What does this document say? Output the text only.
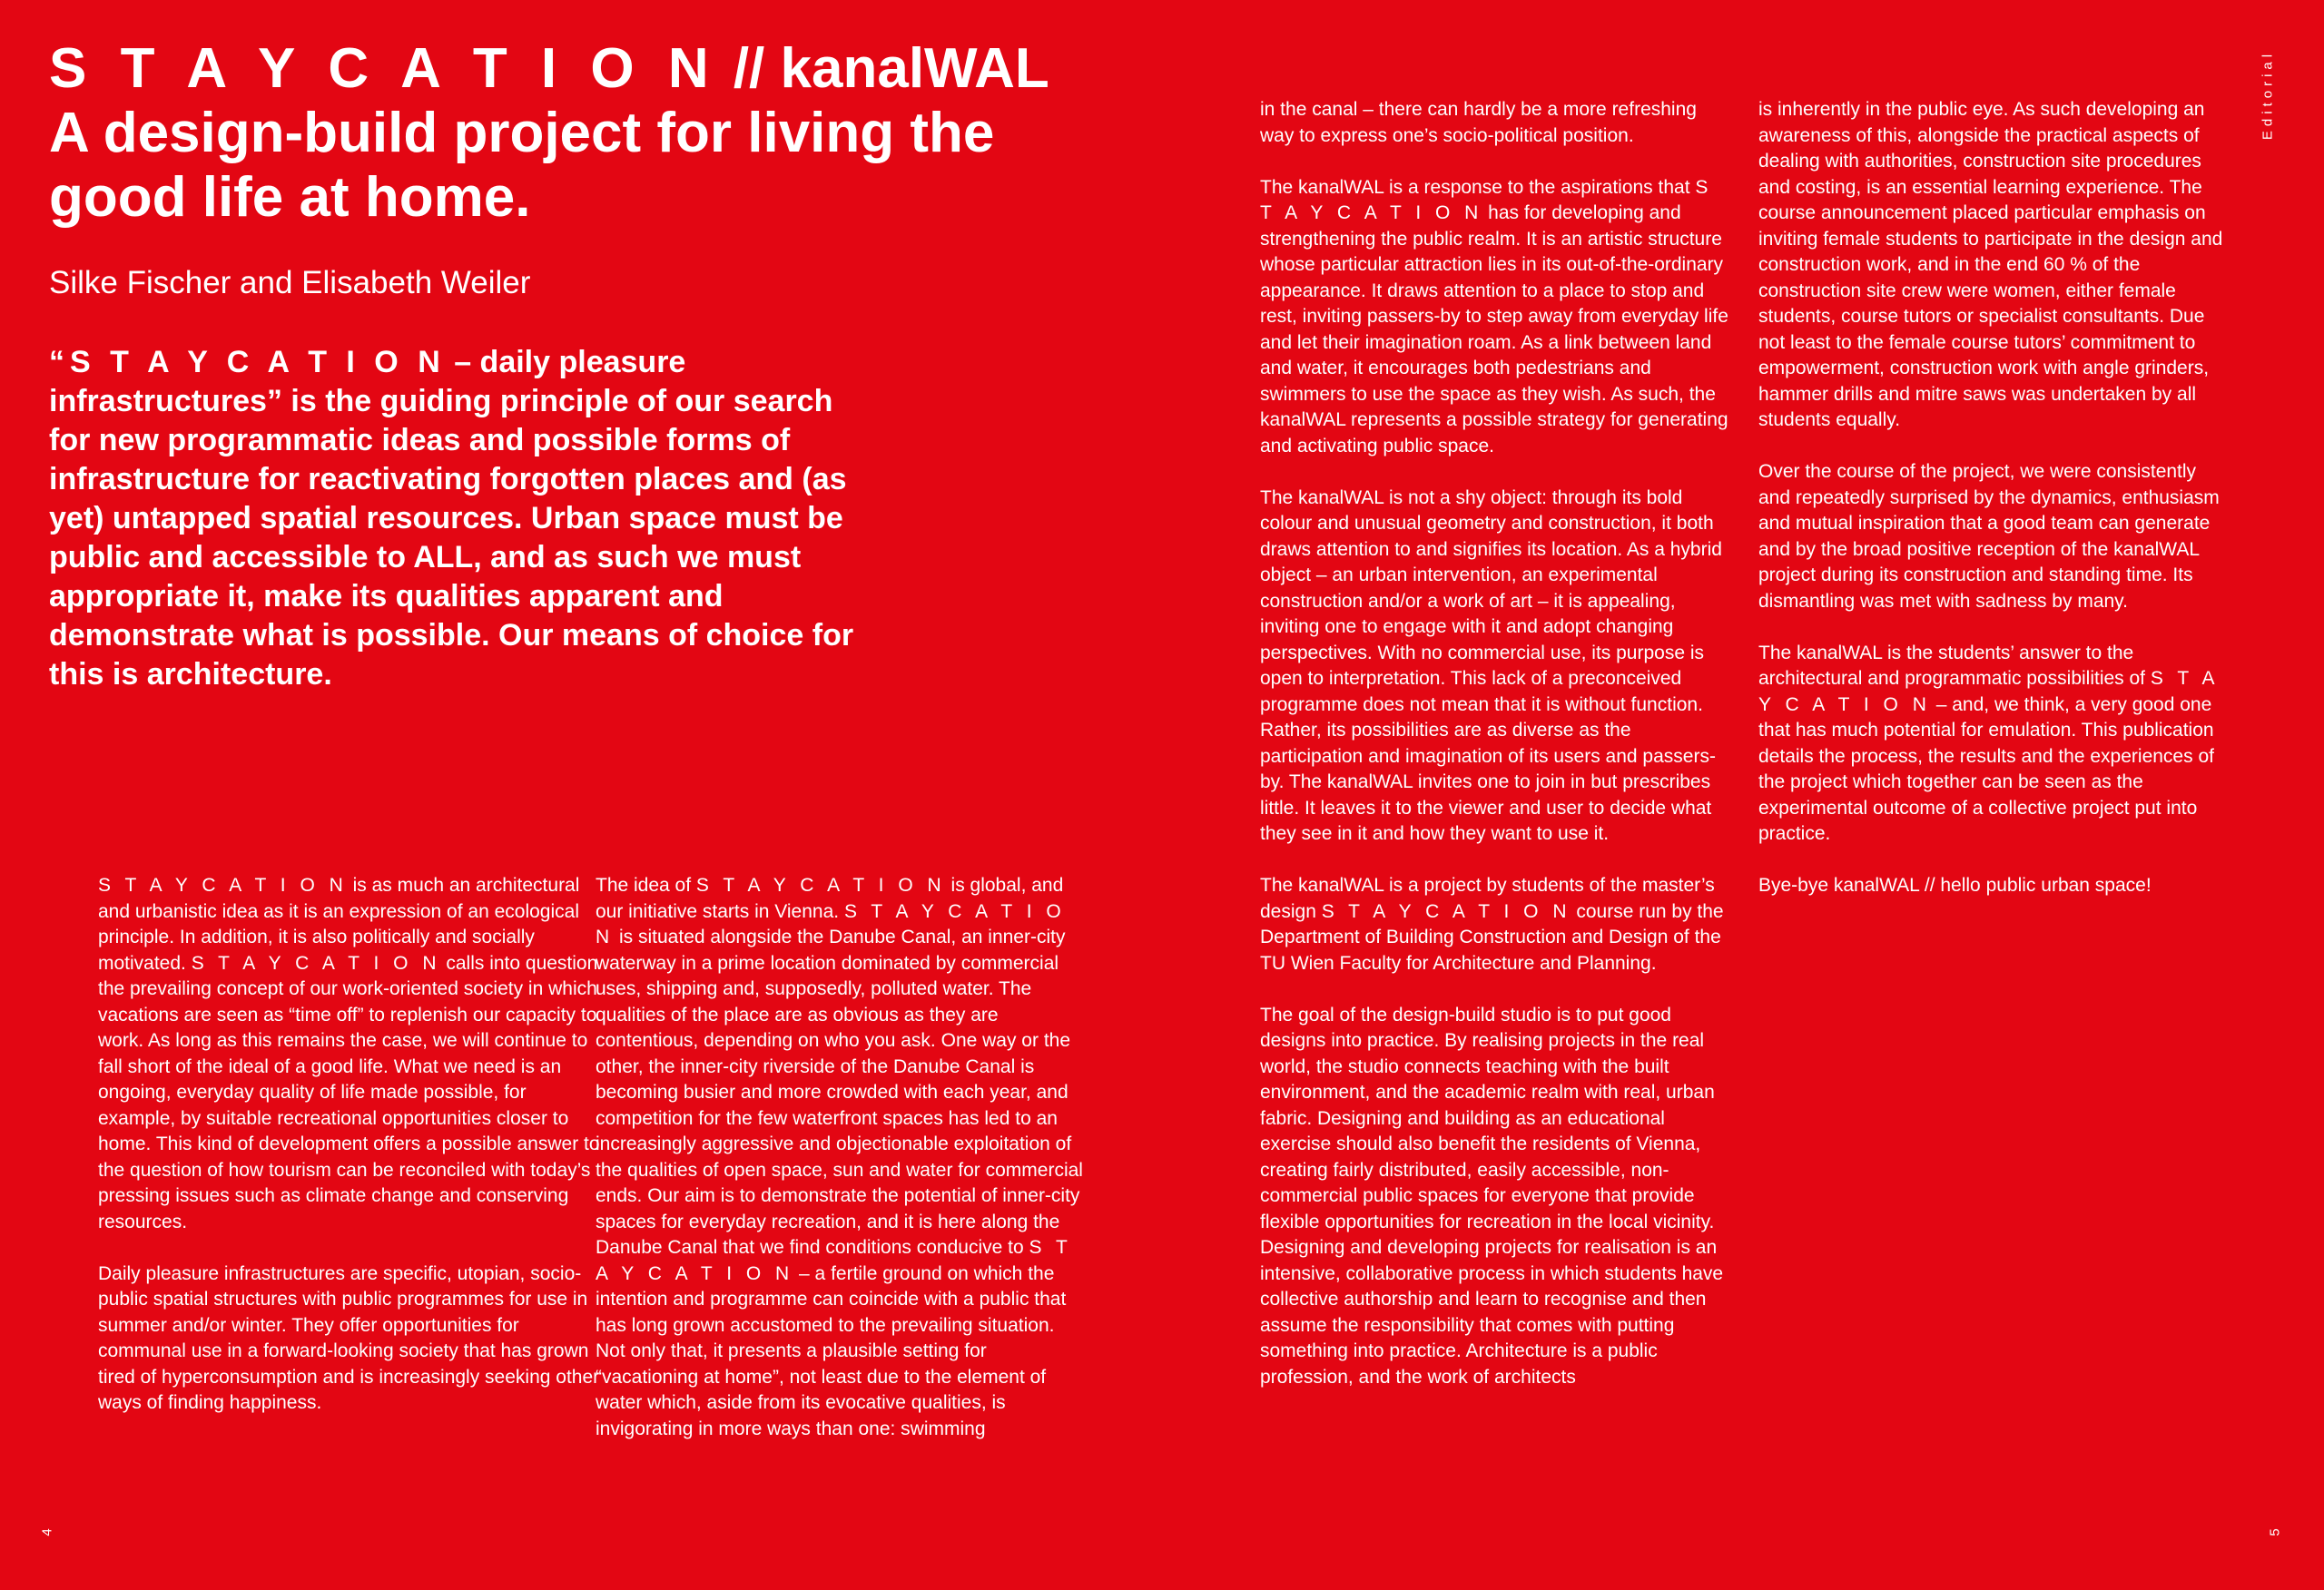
S T A Y C A T I O N // kanalWAL
A design-build project for living the good life at home.

Silke Fischer and Elisabeth Weiler

“S T A Y C A T I O N – daily pleasure infrastructures” is the guiding principle of our search for new programmatic ideas and possible forms of infrastructure for reactivating forgotten places and (as yet) untapped spatial resources. Urban space must be public and accessible to ALL, and as such we must appropriate it, make its qualities apparent and demonstrate what is possible. Our means of choice for this is architecture.

S T A Y C A T I O N is as much an architectural and urbanistic idea as it is an expression of an ecological principle. In addition, it is also politically and socially motivated. S T A Y C A T I O N calls into question the prevailing concept of our work-oriented society in which vacations are seen as “time off” to replenish our capacity to work. As long as this remains the case, we will continue to fall short of the ideal of a good life. What we need is an ongoing, everyday quality of life made possible, for example, by suitable recreational opportunities closer to home. This kind of development offers a possible answer to the question of how tourism can be reconciled with today’s pressing issues such as climate change and conserving resources.

Daily pleasure infrastructures are specific, utopian, socio-public spatial structures with public programmes for use in summer and/or winter. They offer opportunities for communal use in a forward-looking society that has grown tired of hyperconsumption and is increasingly seeking other ways of finding happiness.

The idea of S T A Y C A T I O N is global, and our initiative starts in Vienna. S T A Y C A T I O N is situated alongside the Danube Canal, an inner-city waterway in a prime location dominated by commercial uses, shipping and, supposedly, polluted water. The qualities of the place are as obvious as they are contentious, depending on who you ask. One way or the other, the inner-city riverside of the Danube Canal is becoming busier and more crowded with each year, and competition for the few waterfront spaces has led to an increasingly aggressive and objectionable exploitation of the qualities of open space, sun and water for commercial ends. Our aim is to demonstrate the potential of inner-city spaces for everyday recreation, and it is here along the Danube Canal that we find conditions conducive to S T A Y C A T I O N – a fertile ground on which the intention and programme can coincide with a public that has long grown accustomed to the prevailing situation. Not only that, it presents a plausible setting for “vacationing at home”, not least due to the element of water which, aside from its evocative qualities, is invigorating in more ways than one: swimming

in the canal – there can hardly be a more refreshing way to express one’s socio-political position.

The kanalWAL is a response to the aspirations that S T A Y C A T I O N has for developing and strengthening the public realm. It is an artistic structure whose particular attraction lies in its out-of-the-ordinary appearance. It draws attention to a place to stop and rest, inviting passers-by to step away from everyday life and let their imagination roam. As a link between land and water, it encourages both pedestrians and swimmers to use the space as they wish. As such, the kanalWAL represents a possible strategy for generating and activating public space.

The kanalWAL is not a shy object: through its bold colour and unusual geometry and construction, it both draws attention to and signifies its location. As a hybrid object – an urban intervention, an experimental construction and/or a work of art – it is appealing, inviting one to engage with it and adopt changing perspectives. With no commercial use, its purpose is open to interpretation. This lack of a preconceived programme does not mean that it is without function. Rather, its possibilities are as diverse as the participation and imagination of its users and passers-by. The kanalWAL invites one to join in but prescribes little. It leaves it to the viewer and user to decide what they see in it and how they want to use it.

The kanalWAL is a project by students of the master’s design S T A Y C A T I O N course run by the Department of Building Construction and Design of the TU Wien Faculty for Architecture and Planning.

The goal of the design-build studio is to put good designs into practice. By realising projects in the real world, the studio connects teaching with the built environment, and the academic realm with real, urban fabric. Designing and building as an educational exercise should also benefit the residents of Vienna, creating fairly distributed, easily accessible, non-commercial public spaces for everyone that provide flexible opportunities for recreation in the local vicinity. Designing and developing projects for realisation is an intensive, collaborative process in which students have collective authorship and learn to recognise and then assume the responsibility that comes with putting something into practice. Architecture is a public profession, and the work of architects

is inherently in the public eye. As such developing an awareness of this, alongside the practical aspects of dealing with authorities, construction site procedures and costing, is an essential learning experience. The course announcement placed particular emphasis on inviting female students to participate in the design and construction work, and in the end 60 % of the construction site crew were women, either female students, course tutors or specialist consultants. Due not least to the female course tutors’ commitment to empowerment, construction work with angle grinders, hammer drills and mitre saws was undertaken by all students equally.

Over the course of the project, we were consistently and repeatedly surprised by the dynamics, enthusiasm and mutual inspiration that a good team can generate and by the broad positive reception of the kanalWAL project during its construction and standing time. Its dismantling was met with sadness by many.

The kanalWAL is the students’ answer to the architectural and programmatic possibilities of S T A Y C A T I O N – and, we think, a very good one that has much potential for emulation. This publication details the process, the results and the experiences of the project which together can be seen as the experimental outcome of a collective project put into practice.

Bye-bye kanalWAL // hello public urban space!

Editorial
4	5
